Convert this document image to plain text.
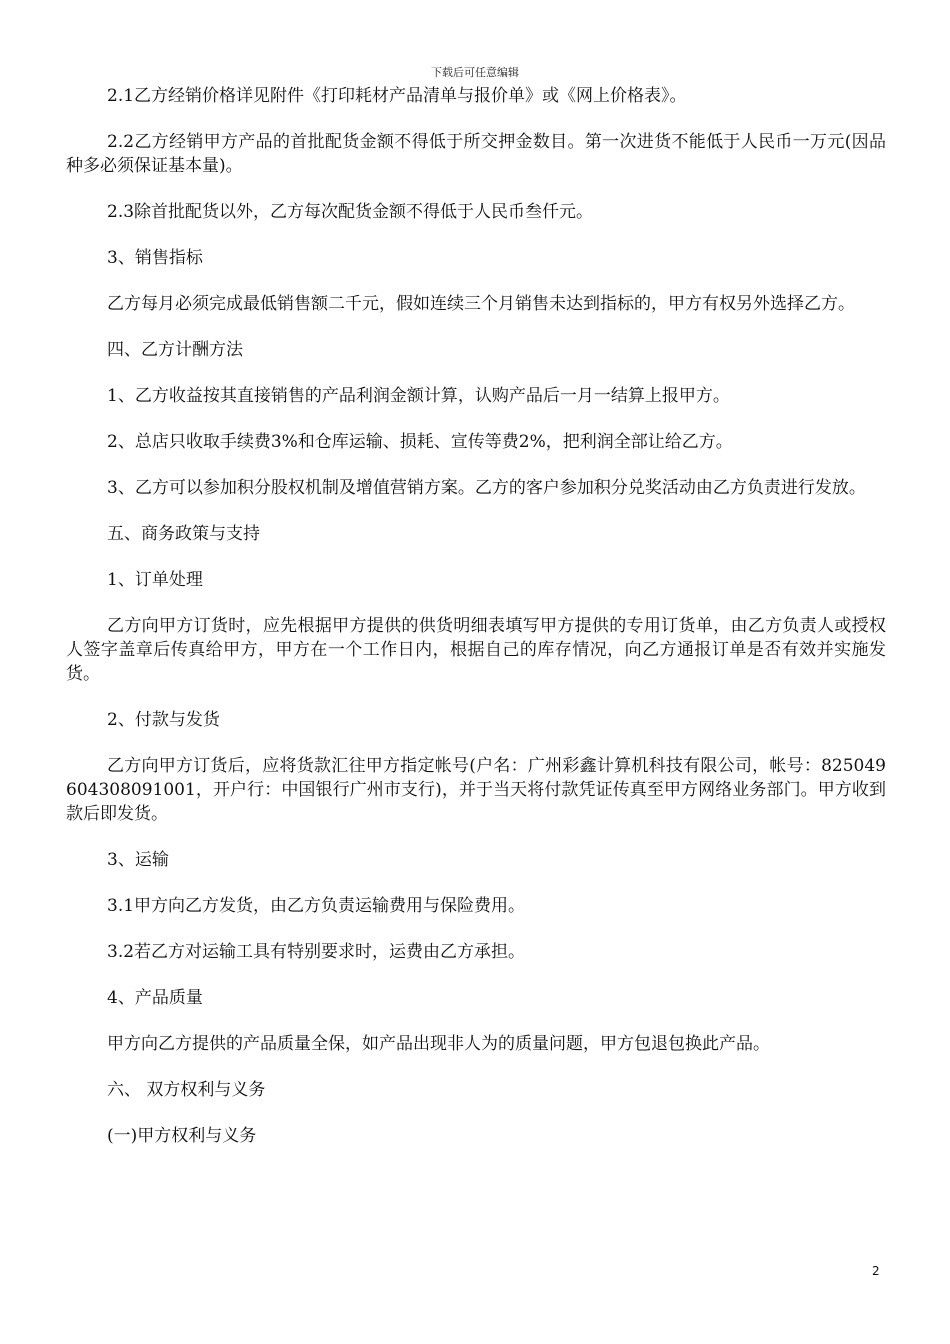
下载后可任意编辑

2.1乙方经销价格详见附件《打印耗材产品清单与报价单》或《网上价格表》。

2.2乙方经销甲方产品的首批配货金额不得低于所交押金数目。第一次进货不能低于人民币一万元(因品种多必须保证基本量)。

2.3除首批配货以外，乙方每次配货金额不得低于人民币叁仟元。

3、销售指标

乙方每月必须完成最低销售额二千元，假如连续三个月销售未达到指标的，甲方有权另外选择乙方。

四、乙方计酬方法

1、乙方收益按其直接销售的产品利润金额计算，认购产品后一月一结算上报甲方。

2、总店只收取手续费3%和仓库运输、损耗、宣传等费2%，把利润全部让给乙方。

3、乙方可以参加积分股权机制及增值营销方案。乙方的客户参加积分兑奖活动由乙方负责进行发放。

五、商务政策与支持

1、订单处理

乙方向甲方订货时，应先根据甲方提供的供货明细表填写甲方提供的专用订货单，由乙方负责人或授权人签字盖章后传真给甲方，甲方在一个工作日内，根据自己的库存情况，向乙方通报订单是否有效并实施发货。

2、付款与发货

乙方向甲方订货后，应将货款汇往甲方指定帐号(户名：广州彩鑫计算机科技有限公司，帐号：825049604308091001，开户行：中国银行广州市支行)，并于当天将付款凭证传真至甲方网络业务部门。甲方收到款后即发货。

3、运输

3.1甲方向乙方发货，由乙方负责运输费用与保险费用。

3.2若乙方对运输工具有特别要求时，运费由乙方承担。

4、产品质量

甲方向乙方提供的产品质量全保，如产品出现非人为的质量问题，甲方包退包换此产品。

六、 双方权利与义务

(一)甲方权利与义务

2
